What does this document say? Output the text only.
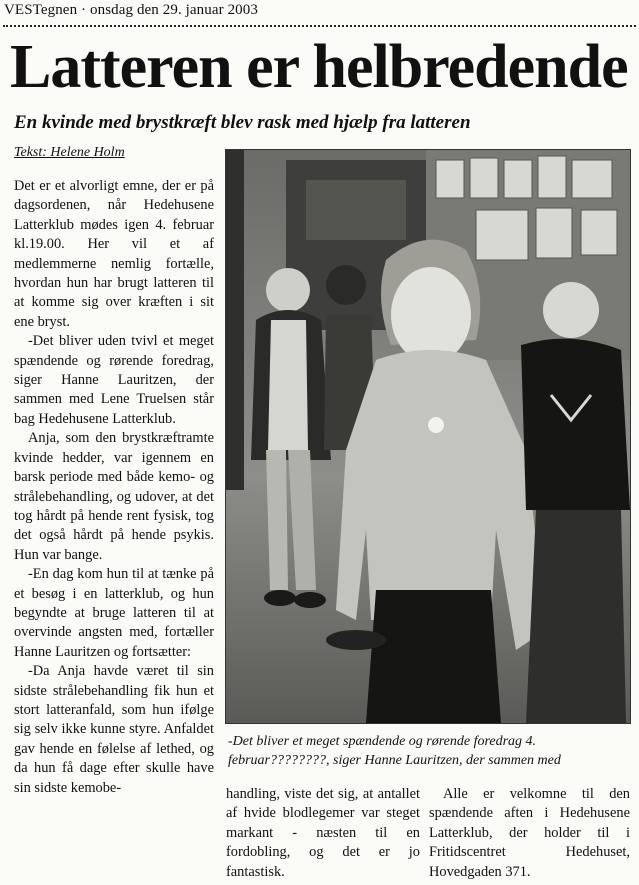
VESTegnen · onsdag den 29. januar 2003
Latteren er helbredende
En kvinde med brystkræft blev rask med hjælp fra latteren
Tekst: Helene Holm

Det er et alvorligt emne, der er på dagsordenen, når Hedehusene Latterklub mødes igen 4. februar kl.19.00. Her vil et af medlemmerne nemlig fortælle, hvordan hun har brugt latteren til at komme sig over kræften i sit ene bryst.

-Det bliver uden tvivl et meget spændende og rørende foredrag, siger Hanne Lauritzen, der sammen med Lene Truelsen står bag Hedehusene Latterklub.

Anja, som den brystkræftramte kvinde hedder, var igennem en barsk periode med både kemo- og strålebehandling, og udover, at det tog hårdt på hende rent fysisk, tog det også hårdt på hende psykis. Hun var bange.

-En dag kom hun til at tænke på et besøg i en latterklub, og hun begyndte at bruge latteren til at overvinde angsten med, fortæller Hanne Lauritzen og fortsætter:

-Da Anja havde været til sin sidste strålebehandling fik hun et stort latteranfald, som hun ifølge sig selv ikke kunne styre. Anfaldet gav hende en følelse af lethed, og da hun få dage efter skulle have sin sidste kemobe-

-Det bliver et meget spændende og rørende foredrag 4. februar????????, siger Hanne Lauritzen, der sammen med

handling, viste det sig, at antallet af hvide blodlegemer var steget markant - næsten til en fordobling, og det er jo fantastisk.

Alle er velkomne til den spændende aften i Hedehusene Latterklub, der holder til i Fritidscentret Hedehuset, Hovedgaden 371.
